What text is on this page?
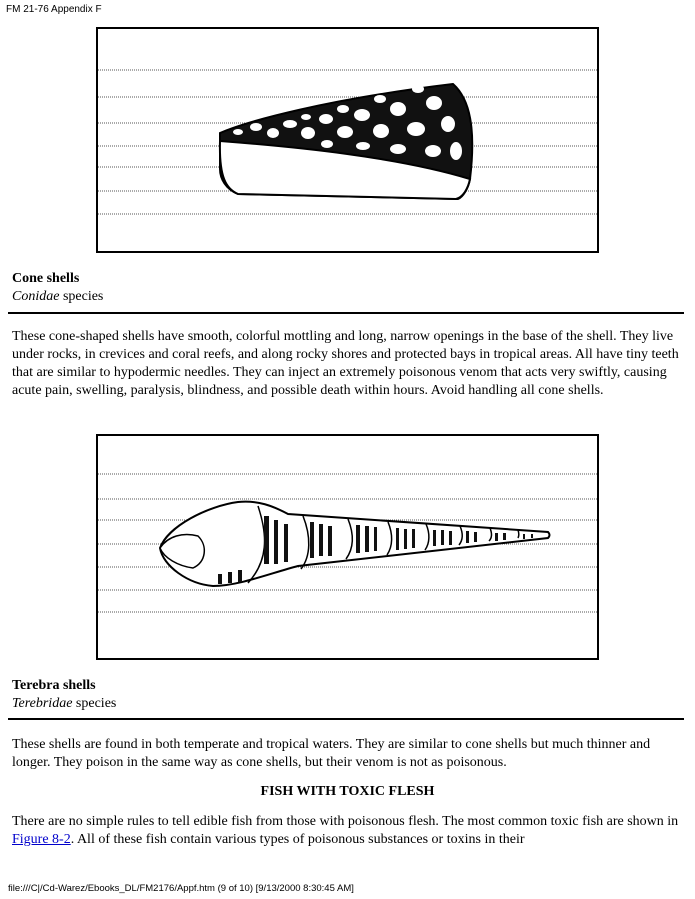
FM 21-76 Appendix F
Cone shells
Conidae species
These cone-shaped shells have smooth, colorful mottling and long, narrow openings in the base of the shell. They live under rocks, in crevices and coral reefs, and along rocky shores and protected bays in tropical areas. All have tiny teeth that are similar to hypodermic needles. They can inject an extremely poisonous venom that acts very swiftly, causing acute pain, swelling, paralysis, blindness, and possible death within hours. Avoid handling all cone shells.
Terebra shells
Terebridae species
These shells are found in both temperate and tropical waters. They are similar to cone shells but much thinner and longer. They poison in the same way as cone shells, but their venom is not as poisonous.
FISH WITH TOXIC FLESH
There are no simple rules to tell edible fish from those with poisonous flesh. The most common toxic fish are shown in Figure 8-2. All of these fish contain various types of poisonous substances or toxins in their
file:///C|/Cd-Warez/Ebooks_DL/FM2176/Appf.htm (9 of 10) [9/13/2000 8:30:45 AM]
